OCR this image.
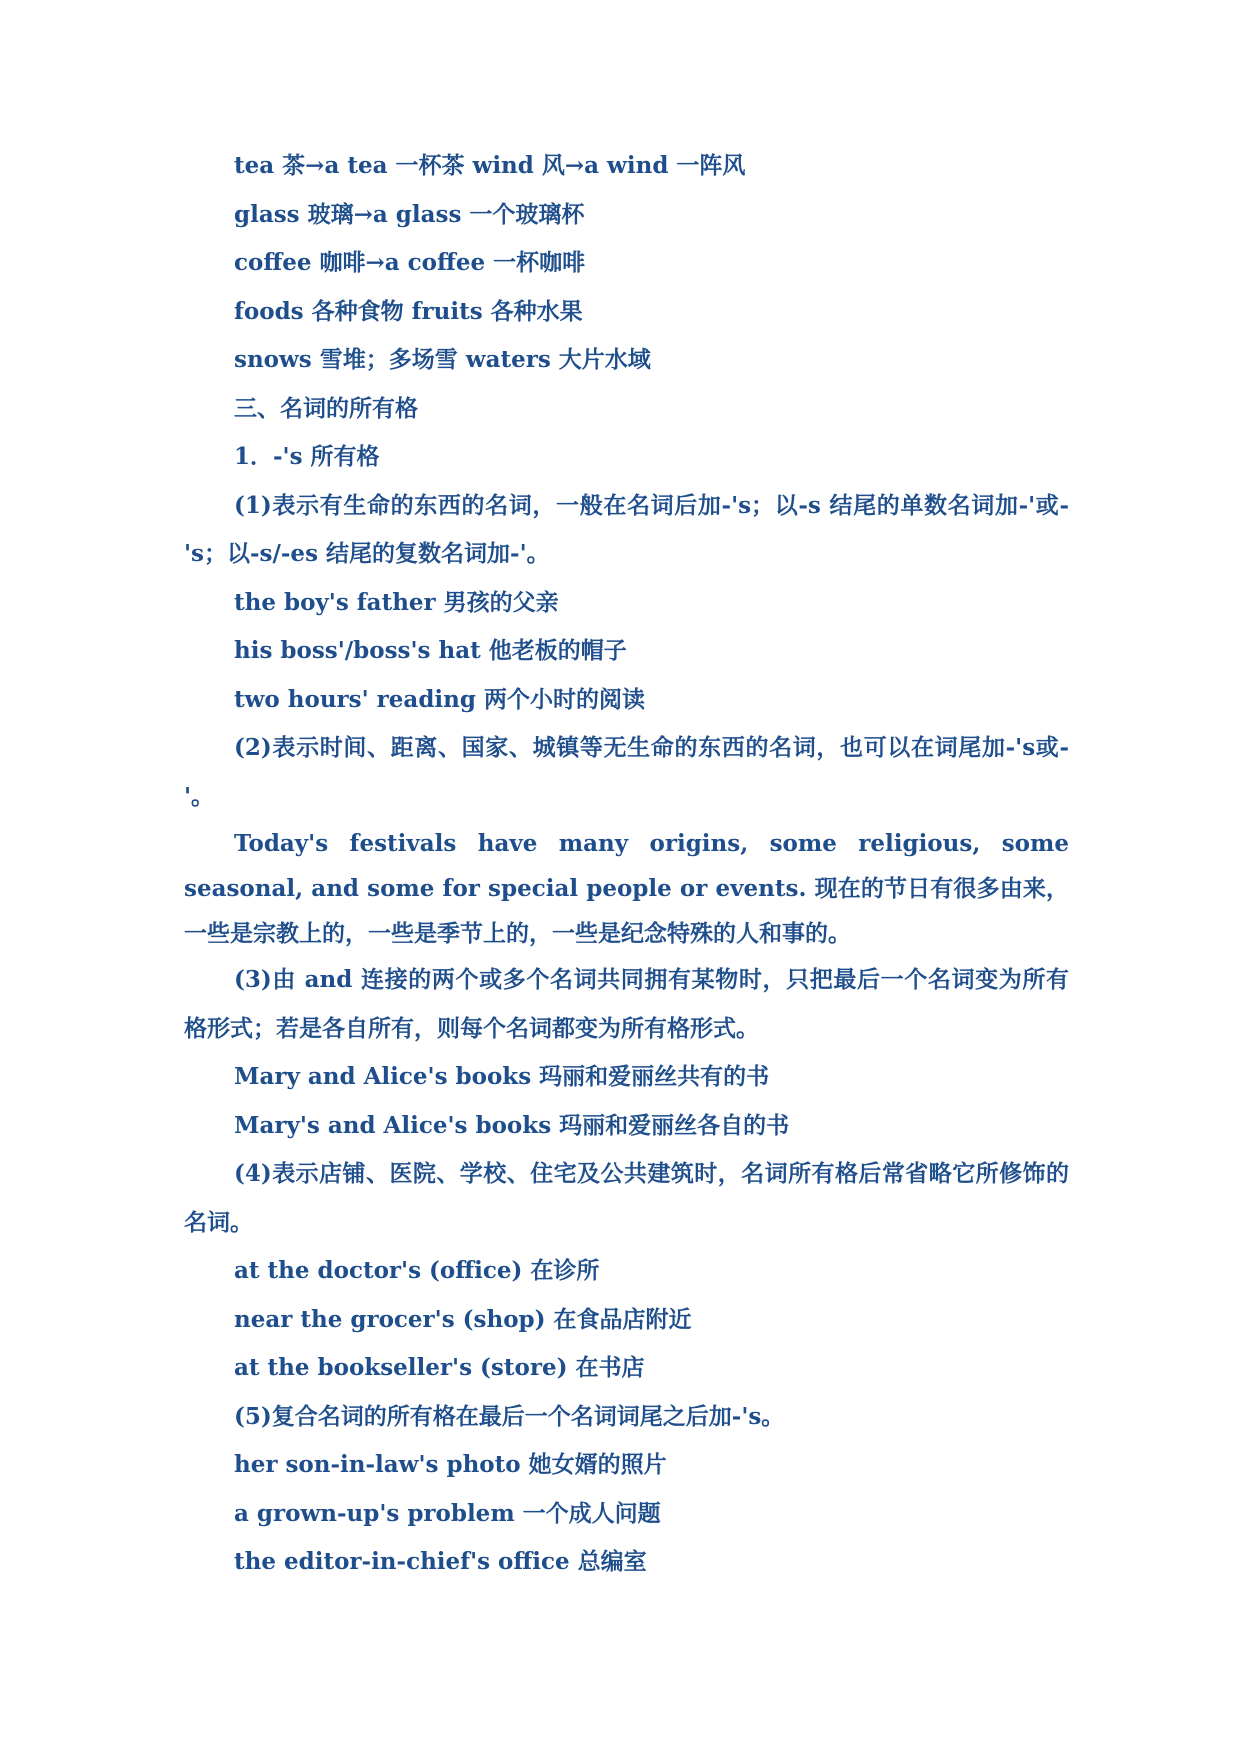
tea 茶→a tea 一杯茶 wind 风→a wind 一阵风

glass 玻璃→a glass 一个玻璃杯

coffee 咖啡→a coffee 一杯咖啡

foods 各种食物 fruits 各种水果

snows 雪堆；多场雪 waters 大片水域

三、名词的所有格

1．-'s 所有格

(1)表示有生命的东西的名词，一般在名词后加-'s；以-s 结尾的单数名词加-'或-'s；以-s/-es 结尾的复数名词加-'。

the boy's father 男孩的父亲

his boss'/boss's hat 他老板的帽子

two hours' reading 两个小时的阅读

(2)表示时间、距离、国家、城镇等无生命的东西的名词，也可以在词尾加-'s或-'。

Today's festivals have many origins, some religious, some seasonal, and some for special people or events. 现在的节日有很多由来，一些是宗教上的，一些是季节上的，一些是纪念特殊的人和事的。

(3)由 and 连接的两个或多个名词共同拥有某物时，只把最后一个名词变为所有格形式；若是各自所有，则每个名词都变为所有格形式。

Mary and Alice's books 玛丽和爱丽丝共有的书

Mary's and Alice's books 玛丽和爱丽丝各自的书

(4)表示店铺、医院、学校、住宅及公共建筑时，名词所有格后常省略它所修饰的名词。

at the doctor's (office) 在诊所

near the grocer's (shop) 在食品店附近

at the bookseller's (store) 在书店

(5)复合名词的所有格在最后一个名词词尾之后加-'s。

her son-in-law's photo 她女婿的照片

a grown-up's problem 一个成人问题

the editor-in-chief's office 总编室
